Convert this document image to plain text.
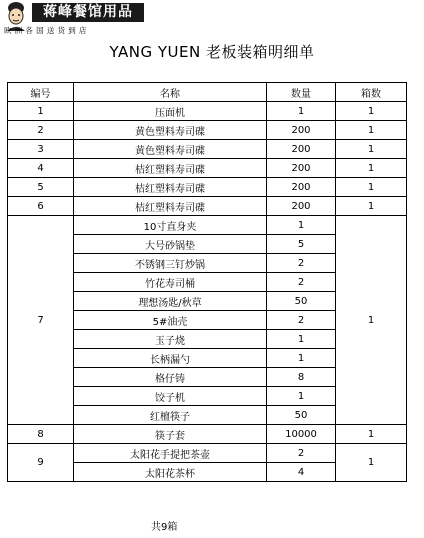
蒋峰餐馆用品
欧洲各国送货到店
YANG YUEN 老板装箱明细单
编号	名称	数量	箱数
1	压面机	1	1
2	黄色塑料寿司碟	200	1
3	黄色塑料寿司碟	200	1
4	桔红塑料寿司碟	200	1
5	桔红塑料寿司碟	200	1
6	桔红塑料寿司碟	200	1
7	10寸直身夹	1	1
	大号砂锅垫	5	
	不锈钢三钉炒锅	2	
	竹花寿司桶	2	
	理想汤匙/秋草	50	
	5#油壳	2	
	玉子烧	1	
	长柄漏勺	1	
	格仔铸	8	
	饺子机	1	
	红檀筷子	50	
8	筷子套	10000	1
9	太阳花手提把茶壶	2	1
	太阳花茶杯	4	
共9箱
